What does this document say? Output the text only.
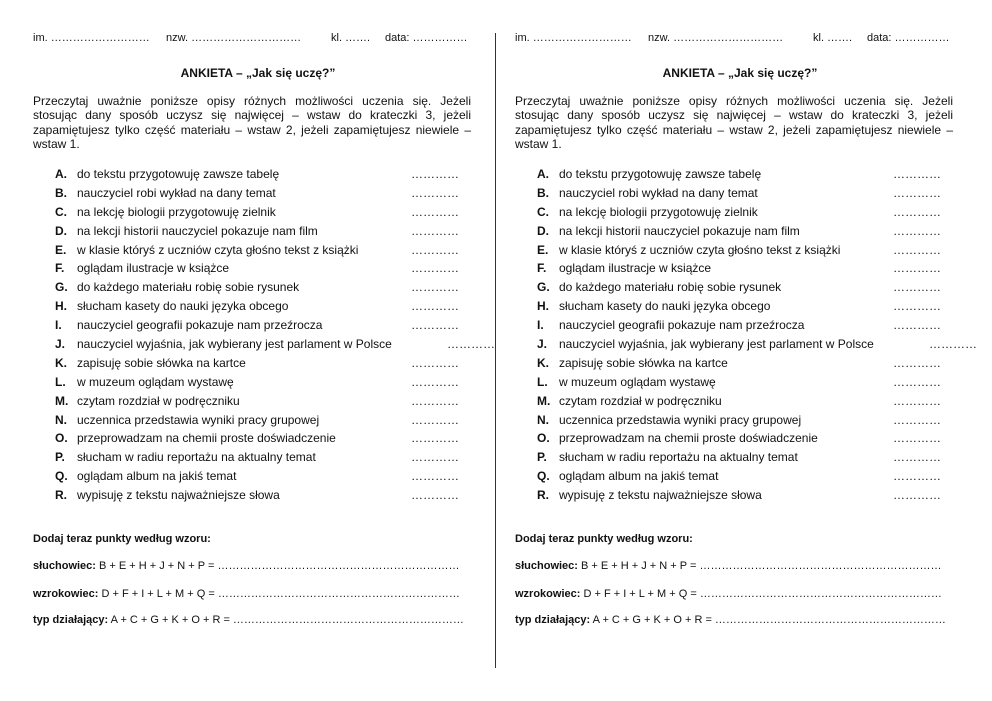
im. ……………………… nzw. …………………………	kl. ……. data: ……………
ANKIETA – „Jak się uczę?”
Przeczytaj uważnie poniższe opisy różnych możliwości uczenia się. Jeżeli stosując dany sposób uczysz się najwięcej – wstaw do krateczki 3, jeżeli zapamiętujesz tylko część materiału – wstaw 2, jeżeli zapamiętujesz niewiele – wstaw 1.
A. do tekstu przygotowuję zawsze tabelę	…………
B. nauczyciel robi wykład na dany temat	…………
C. na lekcję biologii przygotowuję zielnik	…………
D. na lekcji historii nauczyciel pokazuje nam film	…………
E. w klasie któryś z uczniów czyta głośno tekst z książki	…………
F. oglądam ilustracje w książce	…………
G. do każdego materiału robię sobie rysunek	…………
H. słucham kasety do nauki języka obcego	…………
I. nauczyciel geografii pokazuje nam przeźrocza	…………
J. nauczyciel wyjaśnia, jak wybierany jest parlament w Polsce	…………
K. zapisuję sobie słówka na kartce	…………
L. w muzeum oglądam wystawę	…………
M. czytam rozdział w podręczniku	…………
N. uczennica przedstawia wyniki pracy grupowej	…………
O. przeprowadzam na chemii proste doświadczenie	…………
P. słucham w radiu reportażu na aktualny temat	…………
Q. oglądam album na jakiś temat	…………
R. wypisuję z tekstu najważniejsze słowa	…………
Dodaj teraz punkty według wzoru:
słuchowiec: B + E + H + J + N + P = …………………………………………………………
wzrokowiec: D + F + I + L + M + Q = …………………………………………………………
typ działający: A + C + G + K + O + R = ………………………………………………………
im. ……………………… nzw. …………………………	kl. ……. data: ……………
ANKIETA – „Jak się uczę?”
Przeczytaj uważnie poniższe opisy różnych możliwości uczenia się. Jeżeli stosując dany sposób uczysz się najwięcej – wstaw do krateczki 3, jeżeli zapamiętujesz tylko część materiału – wstaw 2, jeżeli zapamiętujesz niewiele – wstaw 1.
A. do tekstu przygotowuję zawsze tabelę	…………
B. nauczyciel robi wykład na dany temat	…………
C. na lekcję biologii przygotowuję zielnik	…………
D. na lekcji historii nauczyciel pokazuje nam film	…………
E. w klasie któryś z uczniów czyta głośno tekst z książki	…………
F. oglądam ilustracje w książce	…………
G. do każdego materiału robię sobie rysunek	…………
H. słucham kasety do nauki języka obcego	…………
I. nauczyciel geografii pokazuje nam przeźrocza	…………
J. nauczyciel wyjaśnia, jak wybierany jest parlament w Polsce	…………
K. zapisuję sobie słówka na kartce	…………
L. w muzeum oglądam wystawę	…………
M. czytam rozdział w podręczniku	…………
N. uczennica przedstawia wyniki pracy grupowej	…………
O. przeprowadzam na chemii proste doświadczenie	…………
P. słucham w radiu reportażu na aktualny temat	…………
Q. oglądam album na jakiś temat	…………
R. wypisuję z tekstu najważniejsze słowa	…………
Dodaj teraz punkty według wzoru:
słuchowiec: B + E + H + J + N + P = …………………………………………………………
wzrokowiec: D + F + I + L + M + Q = …………………………………………………………
typ działający: A + C + G + K + O + R = ………………………………………………………
